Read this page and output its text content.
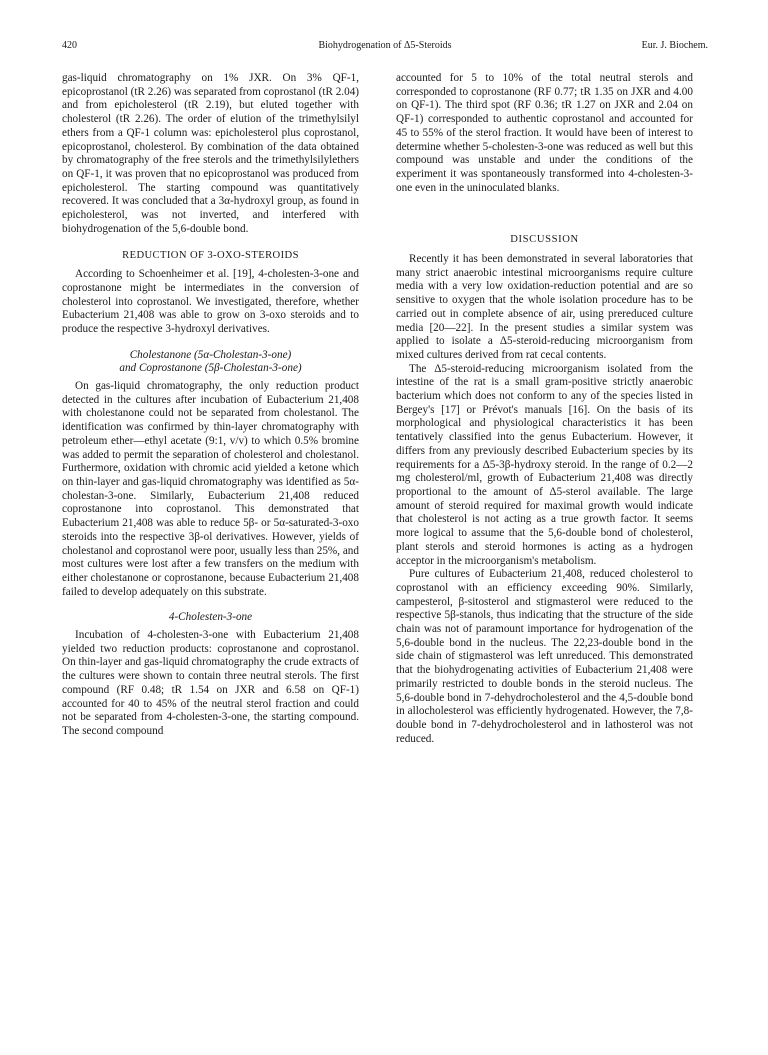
Biohydrogenation of Δ5-Steroids
420	Eur. J. Biochem.

gas-liquid chromatography on 1% JXR. On 3% QF-1, epicoprostanol (tR 2.26) was separated from coprostanol (tR 2.04) and from epicholesterol (tR 2.19), but eluted together with cholesterol (tR 2.26). The order of elution of the trimethylsilyl ethers from a QF-1 column was: epicholesterol plus coprostanol, epicoprostanol, cholesterol. By combination of the data obtained by chromatography of the free sterols and the trimethylsilylethers on QF-1, it was proven that no epicoprostanol was produced from epicholesterol. The starting compound was quantitatively recovered. It was concluded that a 3α-hydroxyl group, as found in epicholesterol, was not inverted, and interfered with biohydrogenation of the 5,6-double bond.

REDUCTION OF 3-OXO-STEROIDS

According to Schoenheimer et al. [19], 4-cholesten-3-one and coprostanone might be intermediates in the conversion of cholesterol into coprostanol. We investigated, therefore, whether Eubacterium 21,408 was able to grow on 3-oxo steroids and to produce the respective 3-hydroxyl derivatives.

Cholestanone (5α-Cholestan-3-one)
and Coprostanone (5β-Cholestan-3-one)

On gas-liquid chromatography, the only reduction product detected in the cultures after incubation of Eubacterium 21,408 with cholestanone could not be separated from cholestanol. The identification was confirmed by thin-layer chromatography with petroleum ether—ethyl acetate (9:1, v/v) to which 0.5% bromine was added to permit the separation of cholesterol and cholestanol. Furthermore, oxidation with chromic acid yielded a ketone which on thin-layer and gas-liquid chromatography was identified as 5α-cholestan-3-one. Similarly, Eubacterium 21,408 reduced coprostanone into coprostanol. This demonstrated that Eubacterium 21,408 was able to reduce 5β- or 5α-saturated-3-oxo steroids into the respective 3β-ol derivatives. However, yields of cholestanol and coprostanol were poor, usually less than 25%, and most cultures were lost after a few transfers on the medium with either cholestanone or coprostanone, because Eubacterium 21,408 failed to develop adequately on this substrate.

4-Cholesten-3-one

Incubation of 4-cholesten-3-one with Eubacterium 21,408 yielded two reduction products: coprostanone and coprostanol. On thin-layer and gas-liquid chromatography the crude extracts of the cultures were shown to contain three neutral sterols. The first compound (RF 0.48; tR 1.54 on JXR and 6.58 on QF-1) accounted for 40 to 45% of the neutral sterol fraction and could not be separated from 4-cholesten-3-one, the starting compound. The second compound

accounted for 5 to 10% of the total neutral sterols and corresponded to coprostanone (RF 0.77; tR 1.35 on JXR and 4.00 on QF-1). The third spot (RF 0.36; tR 1.27 on JXR and 2.04 on QF-1) corresponded to authentic coprostanol and accounted for 45 to 55% of the sterol fraction. It would have been of interest to determine whether 5-cholesten-3-one was reduced as well but this compound was unstable and under the conditions of the experiment it was spontaneously transformed into 4-cholesten-3-one even in the uninoculated blanks.

DISCUSSION

Recently it has been demonstrated in several laboratories that many strict anaerobic intestinal microorganisms require culture media with a very low oxidation-reduction potential and are so sensitive to oxygen that the whole isolation procedure has to be carried out in complete absence of air, using prereduced culture media [20—22]. In the present studies a similar system was applied to isolate a Δ5-steroid-reducing microorganism from mixed cultures derived from rat cecal contents.

The Δ5-steroid-reducing microorganism isolated from the intestine of the rat is a small gram-positive strictly anaerobic bacterium which does not conform to any of the species listed in Bergey's [17] or Prévot's manuals [16]. On the basis of its morphological and physiological characteristics it has been tentatively classified into the genus Eubacterium. However, it differs from any previously described Eubacterium species by its requirements for a Δ5-3β-hydroxy steroid. In the range of 0.2—2 mg cholesterol/ml, growth of Eubacterium 21,408 was directly proportional to the amount of Δ5-sterol available. The large amount of steroid required for maximal growth would indicate that cholesterol is not acting as a true growth factor. It seems more logical to assume that the 5,6-double bond of cholesterol, plant sterols and steroid hormones is acting as a hydrogen acceptor in the microorganism's metabolism.

Pure cultures of Eubacterium 21,408, reduced cholesterol to coprostanol with an efficiency exceeding 90%. Similarly, campesterol, β-sitosterol and stigmasterol were reduced to the respective 5β-stanols, thus indicating that the structure of the side chain was not of paramount importance for hydrogenation of the 5,6-double bond in the nucleus. The 22,23-double bond in the side chain of stigmasterol was left unreduced. This demonstrated that the biohydrogenating activities of Eubacterium 21,408 were primarily restricted to double bonds in the steroid nucleus. The 5,6-double bond in 7-dehydrocholesterol and the 4,5-double bond in allocholesterol was efficiently hydrogenated. However, the 7,8-double bond in 7-dehydrocholesterol and in lathosterol was not reduced.
